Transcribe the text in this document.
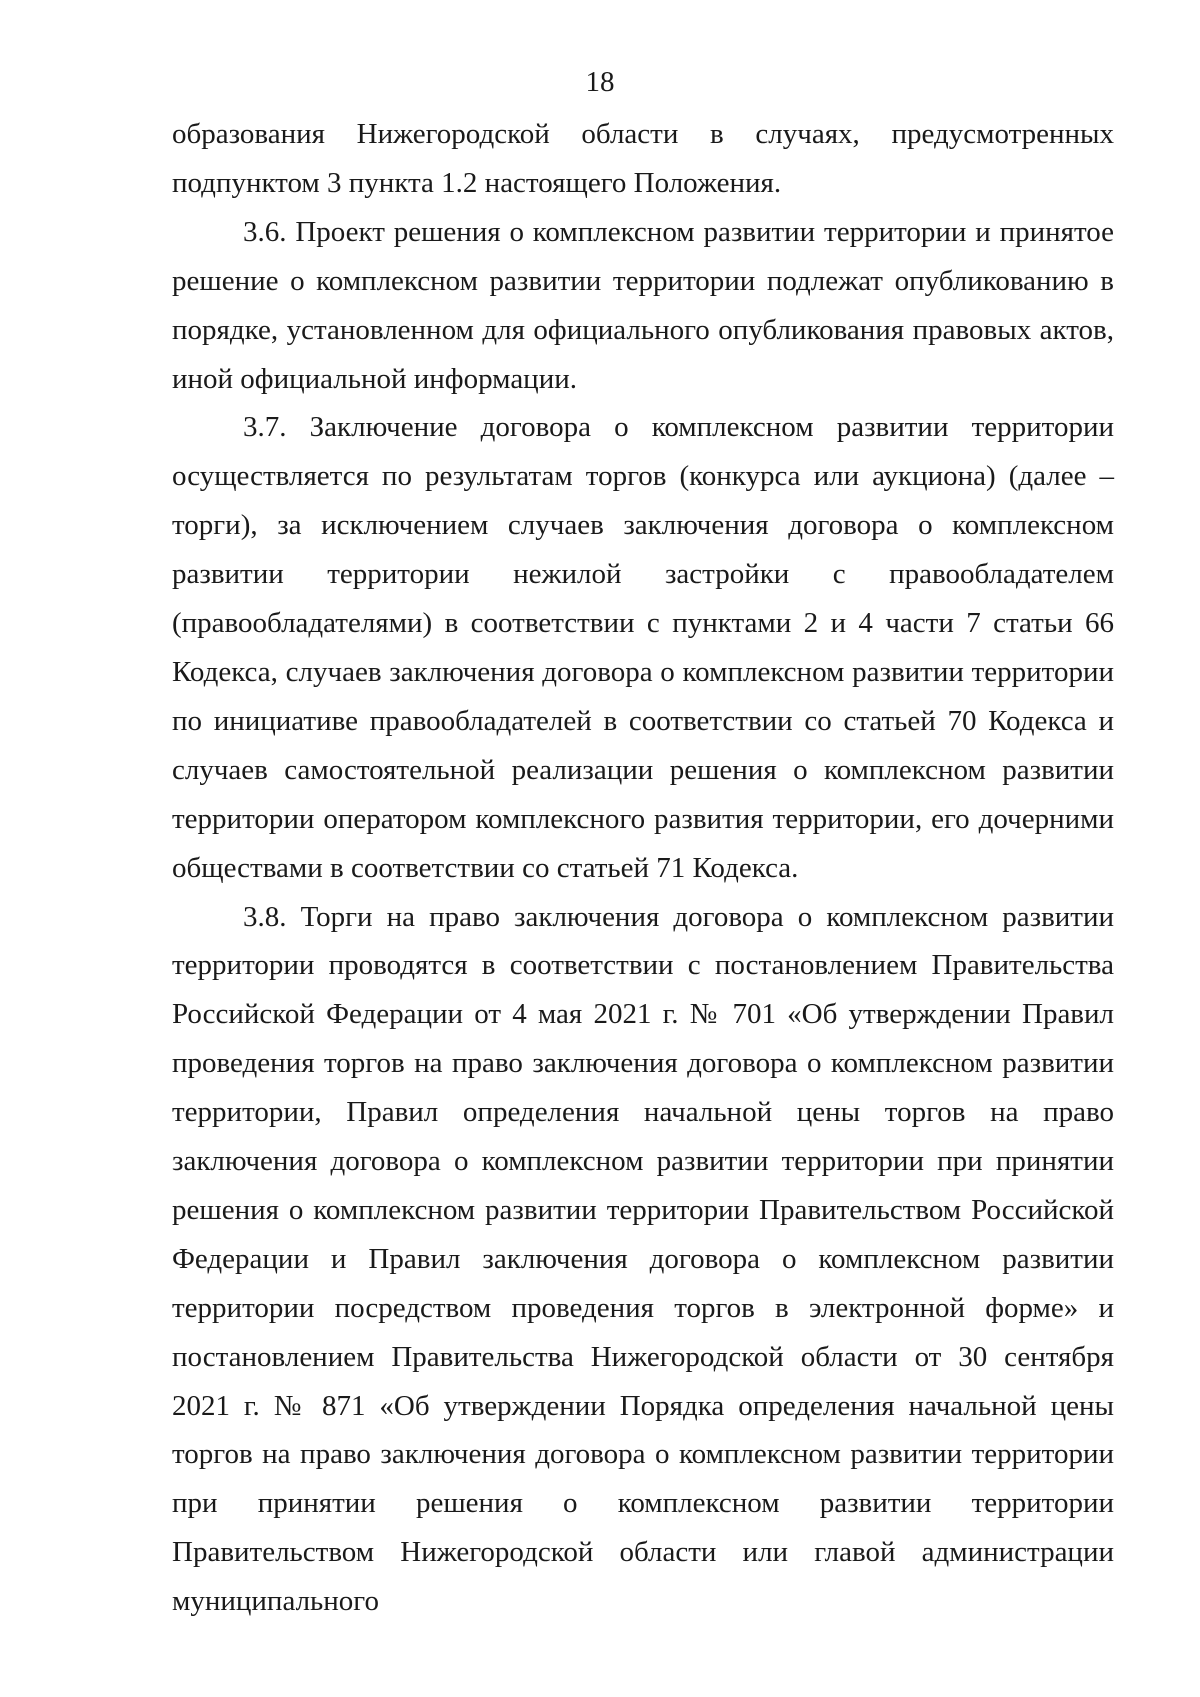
18

образования Нижегородской области в случаях, предусмотренных подпунктом 3 пункта 1.2 настоящего Положения.

3.6. Проект решения о комплексном развитии территории и принятое решение о комплексном развитии территории подлежат опубликованию в порядке, установленном для официального опубликования правовых актов, иной официальной информации.

3.7. Заключение договора о комплексном развитии территории осуществляется по результатам торгов (конкурса или аукциона) (далее – торги), за исключением случаев заключения договора о комплексном развитии территории нежилой застройки с правообладателем (правообладателями) в соответствии с пунктами 2 и 4 части 7 статьи 66 Кодекса, случаев заключения договора о комплексном развитии территории по инициативе правообладателей в соответствии со статьей 70 Кодекса и случаев самостоятельной реализации решения о комплексном развитии территории оператором комплексного развития территории, его дочерними обществами в соответствии со статьей 71 Кодекса.

3.8. Торги на право заключения договора о комплексном развитии территории проводятся в соответствии с постановлением Правительства Российской Федерации от 4 мая 2021 г. № 701 «Об утверждении Правил проведения торгов на право заключения договора о комплексном развитии территории, Правил определения начальной цены торгов на право заключения договора о комплексном развитии территории при принятии решения о комплексном развитии территории Правительством Российской Федерации и Правил заключения договора о комплексном развитии территории посредством проведения торгов в электронной форме» и постановлением Правительства Нижегородской области от 30 сентября 2021 г. № 871 «Об утверждении Порядка определения начальной цены торгов на право заключения договора о комплексном развитии территории при принятии решения о комплексном развитии территории Правительством Нижегородской области или главой администрации муниципального
